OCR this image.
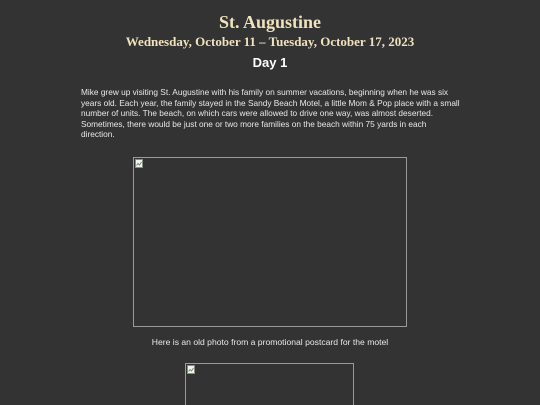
St. Augustine
Wednesday, October 11 – Tuesday, October 17, 2023
Day 1

Mike grew up visiting St. Augustine with his family on summer vacations, beginning when he was six years old. Each year, the family stayed in the Sandy Beach Motel, a little Mom & Pop place with a small number of units. The beach, on which cars were allowed to drive one way, was almost deserted. Sometimes, there would be just one or two more families on the beach within 75 yards in each direction.

Here is an old photo from a promotional postcard for the motel
